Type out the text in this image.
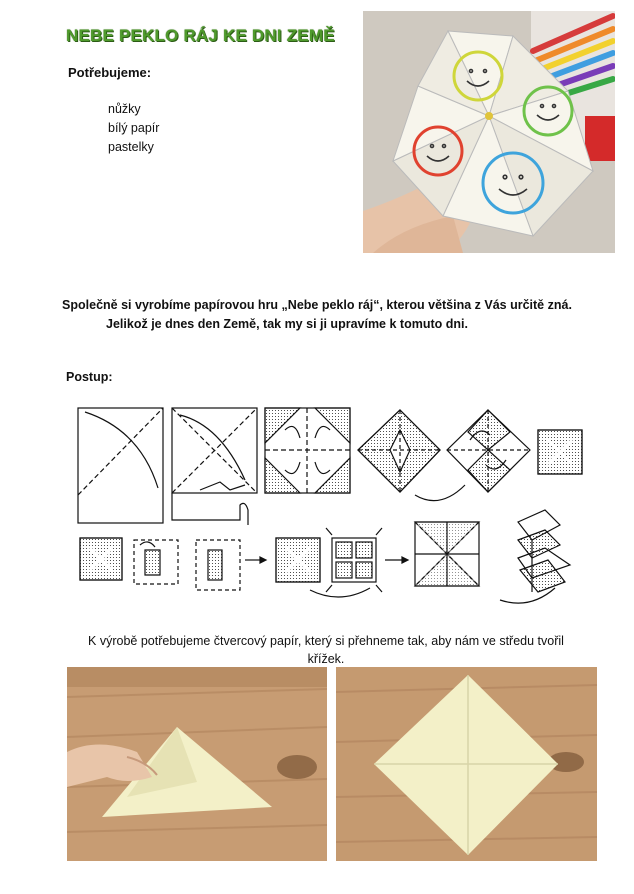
NEBE PEKLO RÁJ KE DNI ZEMĚ
Potřebujeme:
nůžky
bílý papír
pastelky
Společně si vyrobíme papírovou hru „Nebe peklo ráj“, kterou většina z Vás určitě zná.
Jelikož je dnes den Země, tak my si ji upravíme k tomuto dni.
Postup:
K výrobě potřebujeme čtvercový papír, který si přehneme tak, aby nám ve středu tvořil
křížek.
